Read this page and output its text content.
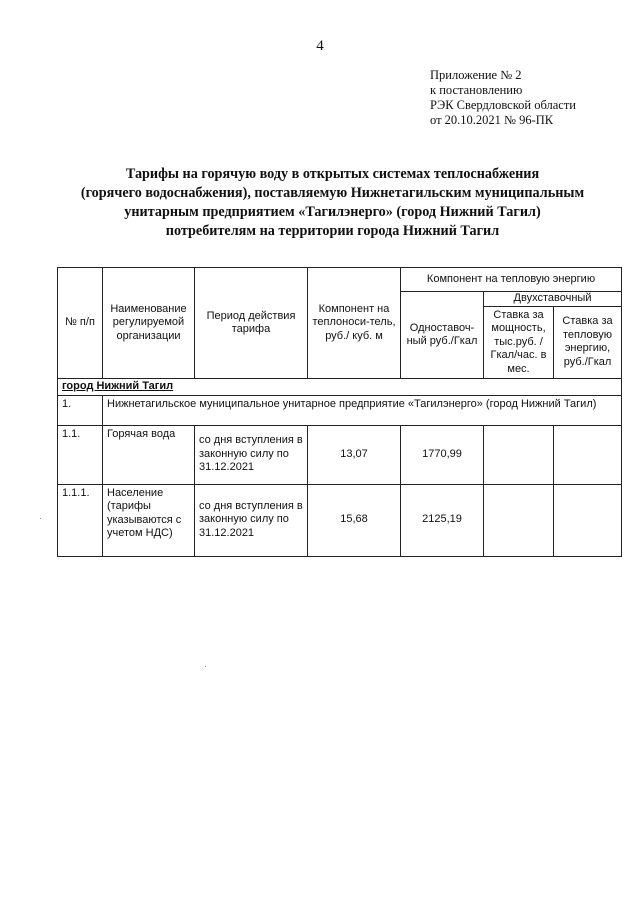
4
Приложение № 2
к постановлению
РЭК Свердловской области
от 20.10.2021 № 96-ПК
Тарифы на горячую воду в открытых системах теплоснабжения
(горячего водоснабжения), поставляемую Нижнетагильским муниципальным
унитарным предприятием «Тагилэнерго» (город Нижний Тагил)
потребителям на территории города Нижний Тагил
№ п/п	Наименование регулируемой организации	Период действия тарифа	Компонент на теплоноси-тель, руб./ куб. м	Компонент на тепловую энергию		
				Одноставоч-ный руб./Гкал	Двухставочный	
					Ставка за мощность, тыс.руб. /Гкал/час. в мес.	Ставка за тепловую энергию, руб./Гкал
город Нижний Тагил						
1.	Нижнетагильское муниципальное унитарное предприятие «Тагилэнерго» (город Нижний Тагил)					
1.1.	Горячая вода	со дня вступления в законную силу по 31.12.2021	13,07	1770,99		
1.1.1.	Население (тарифы указываются с учетом НДС)	со дня вступления в законную силу по 31.12.2021	15,68	2125,19		
